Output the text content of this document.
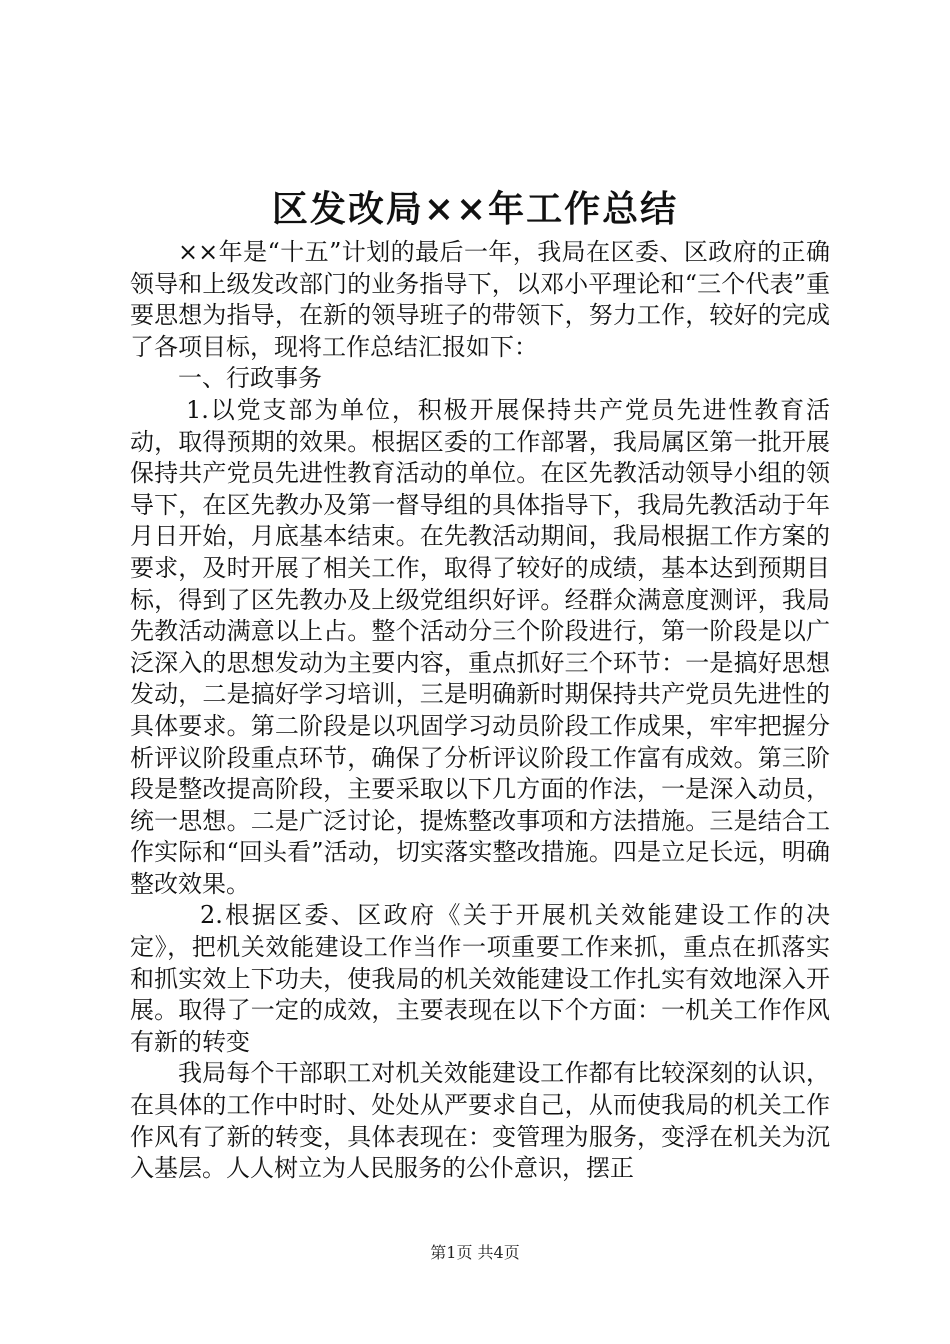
区发改局××年工作总结

××年是“十五”计划的最后一年，我局在区委、区政府的正确领导和上级发改部门的业务指导下，以邓小平理论和“三个代表”重要思想为指导，在新的领导班子的带领下，努力工作，较好的完成了各项目标，现将工作总结汇报如下：

一、行政事务

1.以党支部为单位，积极开展保持共产党员先进性教育活动，取得预期的效果。根据区委的工作部署，我局属区第一批开展保持共产党员先进性教育活动的单位。在区先教活动领导小组的领导下，在区先教办及第一督导组的具体指导下，我局先教活动于年月日开始，月底基本结束。在先教活动期间，我局根据工作方案的要求，及时开展了相关工作，取得了较好的成绩，基本达到预期目标，得到了区先教办及上级党组织好评。经群众满意度测评，我局先教活动满意以上占。整个活动分三个阶段进行，第一阶段是以广泛深入的思想发动为主要内容，重点抓好三个环节：一是搞好思想发动，二是搞好学习培训，三是明确新时期保持共产党员先进性的具体要求。第二阶段是以巩固学习动员阶段工作成果，牢牢把握分析评议阶段重点环节，确保了分析评议阶段工作富有成效。第三阶段是整改提高阶段，主要采取以下几方面的作法，一是深入动员，统一思想。二是广泛讨论，提炼整改事项和方法措施。三是结合工作实际和“回头看”活动，切实落实整改措施。四是立足长远，明确整改效果。

2.根据区委、区政府《关于开展机关效能建设工作的决定》，把机关效能建设工作当作一项重要工作来抓，重点在抓落实和抓实效上下功夫，使我局的机关效能建设工作扎实有效地深入开展。取得了一定的成效，主要表现在以下个方面：一机关工作作风有新的转变

我局每个干部职工对机关效能建设工作都有比较深刻的认识，在具体的工作中时时、处处从严要求自己，从而使我局的机关工作作风有了新的转变，具体表现在：变管理为服务，变浮在机关为沉入基层。人人树立为人民服务的公仆意识，摆正

第1页 共4页
